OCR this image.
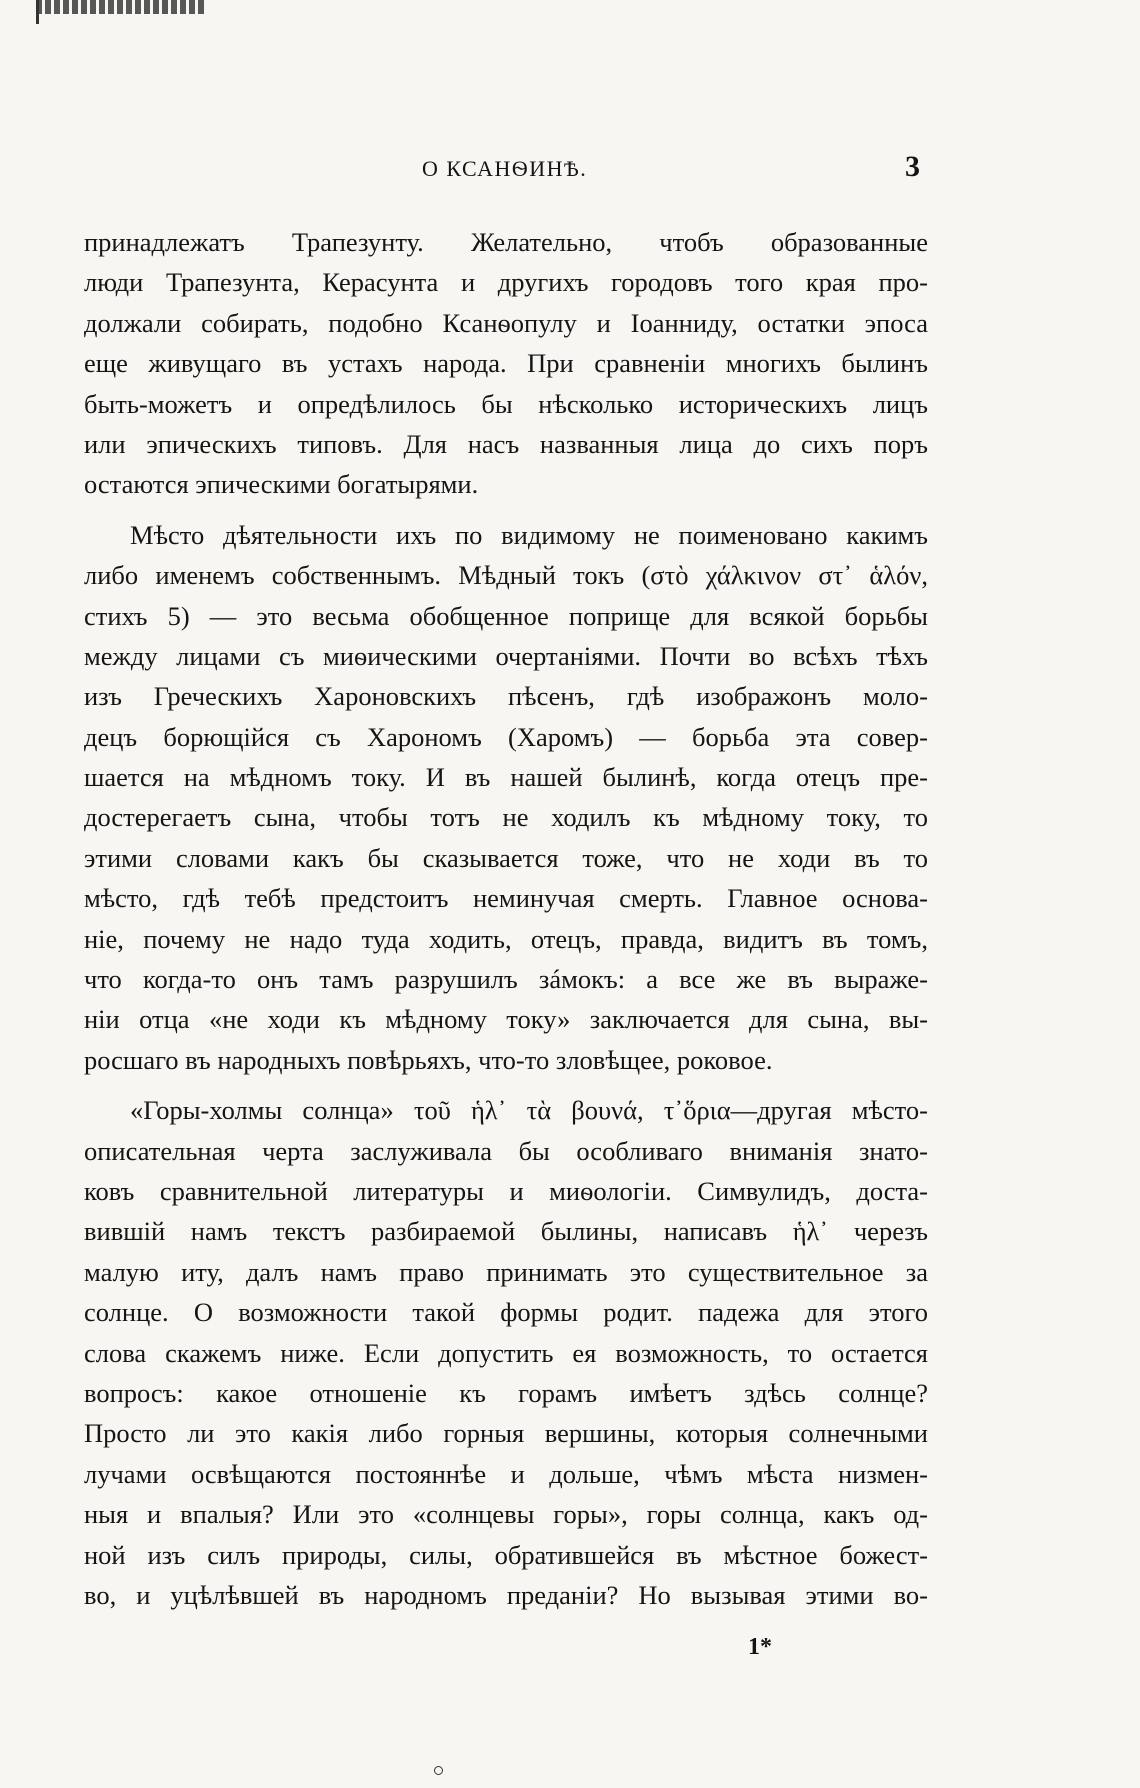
О КСАНѲИНѢ.	3
принадлежатъ Трапезунту. Желательно, чтобъ образованные
люди Трапезунта, Керасунта и другихъ городовъ того края про-
должали собирать, подобно Ксанѳопулу и Іоанниду, остатки эпоса
еще живущаго въ устахъ народа. При сравненіи многихъ былинъ
быть-можетъ и опредѣлилось бы нѣсколько историческихъ лицъ
или эпическихъ типовъ. Для насъ названныя лица до сихъ поръ
остаются эпическими богатырями.
Мѣсто дѣятельности ихъ по видимому не поименовано какимъ
либо именемъ собственнымъ. Мѣдный токъ (στὸ χάλκινον στ᾽ ἁλόν,
стихъ 5) — это весьма обобщенное поприще для всякой борьбы
между лицами съ миѳическими очертаніями. Почти во всѣхъ тѣхъ
изъ Греческихъ Хароновскихъ пѣсенъ, гдѣ изображонъ моло-
децъ борющійся съ Харономъ (Харомъ) — борьба эта совер-
шается на мѣдномъ току. И въ нашей былинѣ, когда отецъ пре-
достерегаетъ сына, чтобы тотъ не ходилъ къ мѣдному току, то
этими словами какъ бы сказывается тоже, что не ходи въ то
мѣсто, гдѣ тебѣ предстоитъ неминучая смерть. Главное основа-
ніе, почему не надо туда ходить, отецъ, правда, видитъ въ томъ,
что когда-то онъ тамъ разрушилъ зáмокъ: а все же въ выраже-
ніи отца «не ходи къ мѣдному току» заключается для сына, вы-
росшаго въ народныхъ повѣрьяхъ, что-то зловѣщее, роковое.
«Горы-холмы солнца» τοῦ ἡλ᾽ τὰ βουνά, τ᾽ὅρια—другая мѣсто-
описательная черта заслуживала бы особливаго вниманія знато-
ковъ сравнительной литературы и миѳологіи. Симвулидъ, доста-
вившій намъ текстъ разбираемой былины, написавъ ἡλ᾽ черезъ
малую иту, далъ намъ право принимать это существительное за
солнце. О возможности такой формы родит. падежа для этого
слова скажемъ ниже. Если допустить ея возможность, то остается
вопросъ: какое отношеніе къ горамъ имѣетъ здѣсь солнце?
Просто ли это какія либо горныя вершины, которыя солнечными
лучами освѣщаются постояннѣе и дольше, чѣмъ мѣста низмен-
ныя и впалыя? Или это «солнцевы горы», горы солнца, какъ од-
ной изъ силъ природы, силы, обратившейся въ мѣстное божест-
во, и уцѣлѣвшей въ народномъ преданіи? Но вызывая этими во-
1*
